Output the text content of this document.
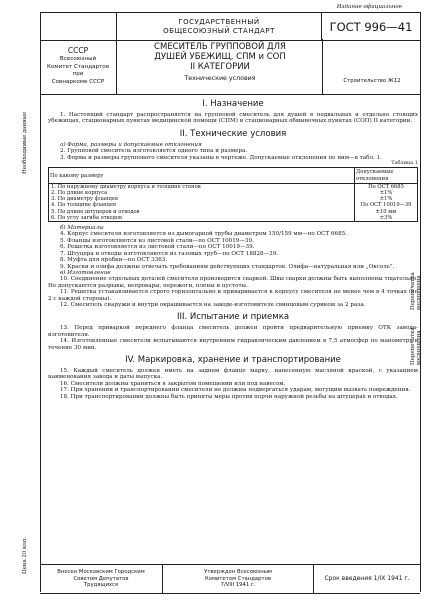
Издание официальное
ГОСУДАРСТВЕННЫЙ
ОБЩЕСОЮЗНЫЙ СТАНДАРТ	ГОСТ 996—41
СССР
Всесоюзный
Комитет Стандартов
при
Совнаркоме СССР
СМЕСИТЕЛЬ ГРУППОВОЙ ДЛЯ
ДУШЕЙ УБЕЖИЩ, СПМ и СОП
II КАТЕГОРИИ
Технические условия	Строительство Ж12
Цена 20 коп.
Необходимые данные
Перепечатка воспрещена
Перепечатка воспрещена
I. Назначение

1. Настоящий стандарт распространяется на групповой смеситель для душей в подвальных и отдельно стоящих убежищах, стационарных пунктах медицинской помощи (СПМ) и стационарных обмывочных пунктах (СОП) II категории.

II. Технические условия

а) Форма, размеры и допускаемые отклонения

2. Групповой смеситель изготовляется одного типа и размера.

3. Форма и размеры группового смесителя указаны в чертеже. Допускаемые отклонения по ним—в табл. 1.

Таблица 1
По какому размеру	Допускаемые отклонения
1. По наружному диаметру корпуса и толщине стенок	По ОСТ 6685
2. По длине корпуса	±1%
3. По диаметру фланцев	±1%
4. По толщине фланцев	По ОСТ 10019—39
5. По длине штуцеров и отводов	±10 мм
6. По углу загиба отводов	±3%

б) Материалы

4. Корпус смесителя изготовляется из дымогарной трубы диаметром 150/159 мм—по ОСТ 6685.

5. Фланцы изготовляются из листовой стали—по ОСТ 10019—39.

6. Решетка изготовляется из листовой стали—по ОСТ 10019—39.

7. Штуцера и отводы изготовляются из газовых труб—по ОСТ 18828—39.

8. Муфта для пробки—по ОСТ 3363.

9. Краски и олифа должны отвечать требованиям действующих стандартов. Олифа—натуральная или „Оксоль".

в) Изготовление

10. Соединение отдельных деталей смесителя производится сваркой. Швы сварки должны быть выполнены тщательно. Не допускаются разрывы, непровары, пережоги, плены и пустоты.

11. Решетка устанавливается строго горизонтально и приваривается к корпусу смесителя не менее чем в 4 точках (по 2 с каждой стороны).

12. Смеситель снаружи и внутри окрашивается на заводе-изготовителе свинцовым суриком за 2 раза.

III. Испытание и приемка

13. Перед приваркой переднего фланца смеситель должен пройти предварительную приемку ОТК завода-изготовителя.

14. Изготовленные смесители испытываются внутренним гидравлическим давлением в 7,5 атмосфер по манометру в течение 30 мин.

IV. Маркировка, хранение и транспортирование

15. Каждый смеситель должен иметь на заднем фланце марку, нанесенную масляной краской, с указанием наименования завода и даты выпуска.

16. Смесители должны храниться в закрытом помещении или под навесом.

17. При хранении и транспортировании смесители не должны подвергаться ударам, могущим вызвать повреждения.

18. При транспортировании должны быть приняты меры против порчи наружной резьбы на штуцерах и отводах.

Внесен Московским Городским
Советом Депутатов
Трудящихся
Утвержден Всесоюзным
Комитетом Стандартов
7/VIII 1941 г.
Срок введения 1/IX 1941 г.
